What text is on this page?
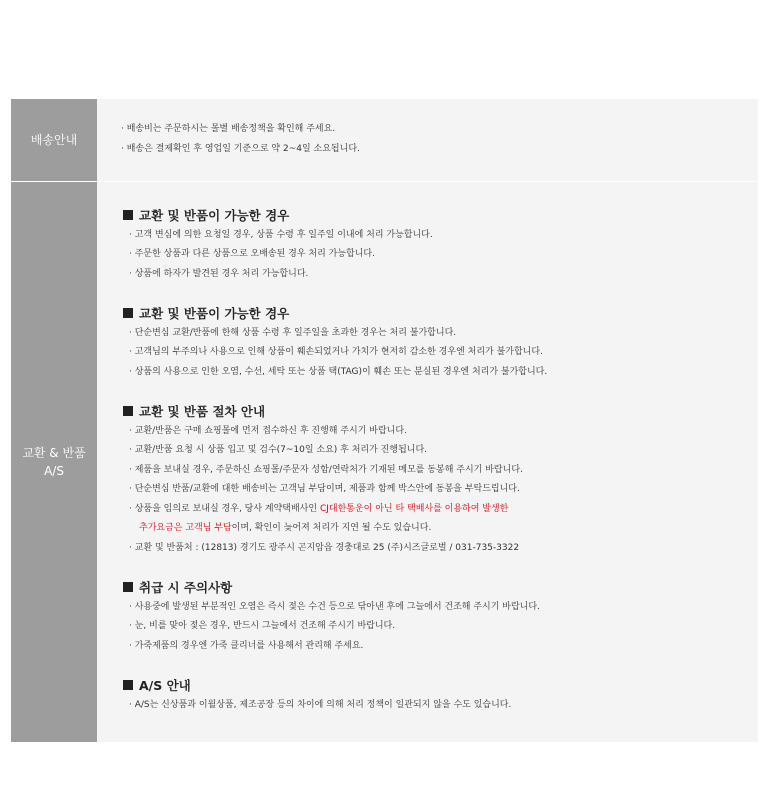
배송안내
· 배송비는 주문하시는 몰별 배송정책을 확인해 주세요.
· 배송은 결제확인 후 영업일 기준으로 약 2~4일 소요됩니다.
교환 & 반품
A/S
교환 및 반품이 가능한 경우
· 고객 변심에 의한 요청일 경우, 상품 수령 후 일주일 이내에 처리 가능합니다.
· 주문한 상품과 다른 상품으로 오배송된 경우 처리 가능합니다.
· 상품에 하자가 발견된 경우 처리 가능합니다.
교환 및 반품이 가능한 경우
· 단순변심 교환/반품에 한해 상품 수령 후 일주일을 초과한 경우는 처리 불가합니다.
· 고객님의 부주의나 사용으로 인해 상품이 훼손되었거나 가치가 현저히 감소한 경우엔 처리가 불가합니다.
· 상품의 사용으로 인한 오염, 수선, 세탁 또는 상품 택(TAG)이 훼손 또는 분실된 경우엔 처리가 불가합니다.
교환 및 반품 절차 안내
· 교환/반품은 구매 쇼핑몰에 먼저 접수하신 후 진행해 주시기 바랍니다.
· 교환/반품 요청 시 상품 입고 및 검수(7~10일 소요) 후 처리가 진행됩니다.
· 제품을 보내실 경우, 주문하신 쇼핑몰/주문자 성함/연락처가 기재된 메모를 동봉해 주시기 바랍니다.
· 단순변심 반품/교환에 대한 배송비는 고객님 부담이며, 제품과 함께 박스안에 동봉을 부탁드립니다.
· 상품을 임의로 보내실 경우, 당사 계약택배사인 CJ대한통운이 아닌 타 택배사를 이용하여 발생한
추가요금은 고객님 부담이며, 확인이 늦어져 처리가 지연 될 수도 있습니다.
· 교환 및 반품처 : (12813) 경기도 광주시 곤지암읍 경충대로 25 (주)시즈글로벌 / 031-735-3322
취급 시 주의사항
· 사용중에 발생된 부분적인 오염은 즉시 젖은 수건 등으로 닦아낸 후에 그늘에서 건조해 주시기 바랍니다.
· 눈, 비를 맞아 젖은 경우, 반드시 그늘에서 건조해 주시기 바랍니다.
· 가죽제품의 경우엔 가죽 클리너를 사용해서 관리해 주세요.
A/S 안내
· A/S는 신상품과 이월상품, 제조공장 등의 차이에 의해 처리 정책이 일관되지 않을 수도 있습니다.
